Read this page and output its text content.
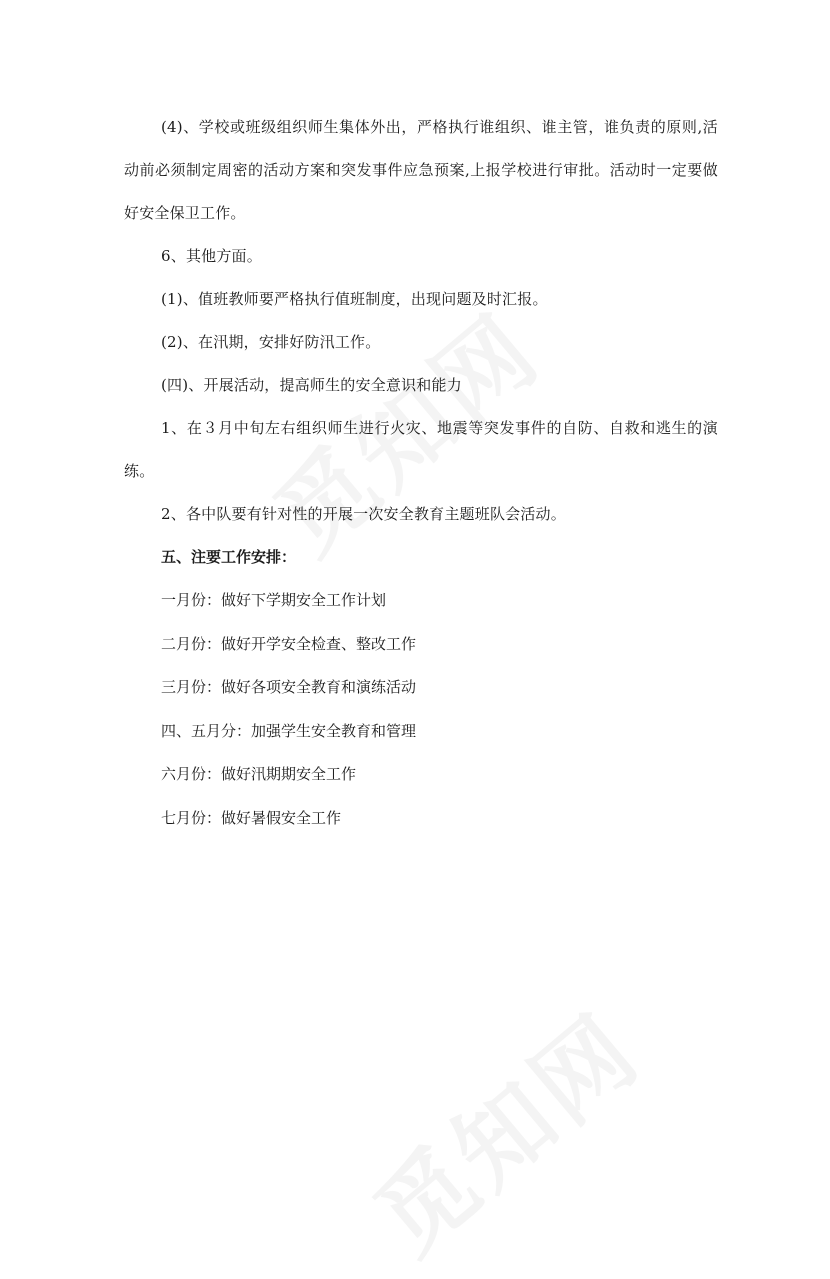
(4)、学校或班级组织师生集体外出，严格执行谁组织、谁主管，谁负责的原则,活动前必须制定周密的活动方案和突发事件应急预案,上报学校进行审批。活动时一定要做好安全保卫工作。

6、其他方面。

(1)、值班教师要严格执行值班制度，出现问题及时汇报。

(2)、在汛期，安排好防汛工作。

(四)、开展活动，提高师生的安全意识和能力

1、在３月中旬左右组织师生进行火灾、地震等突发事件的自防、自救和逃生的演练。

2、各中队要有针对性的开展一次安全教育主题班队会活动。

五、注要工作安排：

一月份：做好下学期安全工作计划

二月份：做好开学安全检查、整改工作

三月份：做好各项安全教育和演练活动

四、五月分：加强学生安全教育和管理

六月份：做好汛期期安全工作

七月份：做好暑假安全工作
